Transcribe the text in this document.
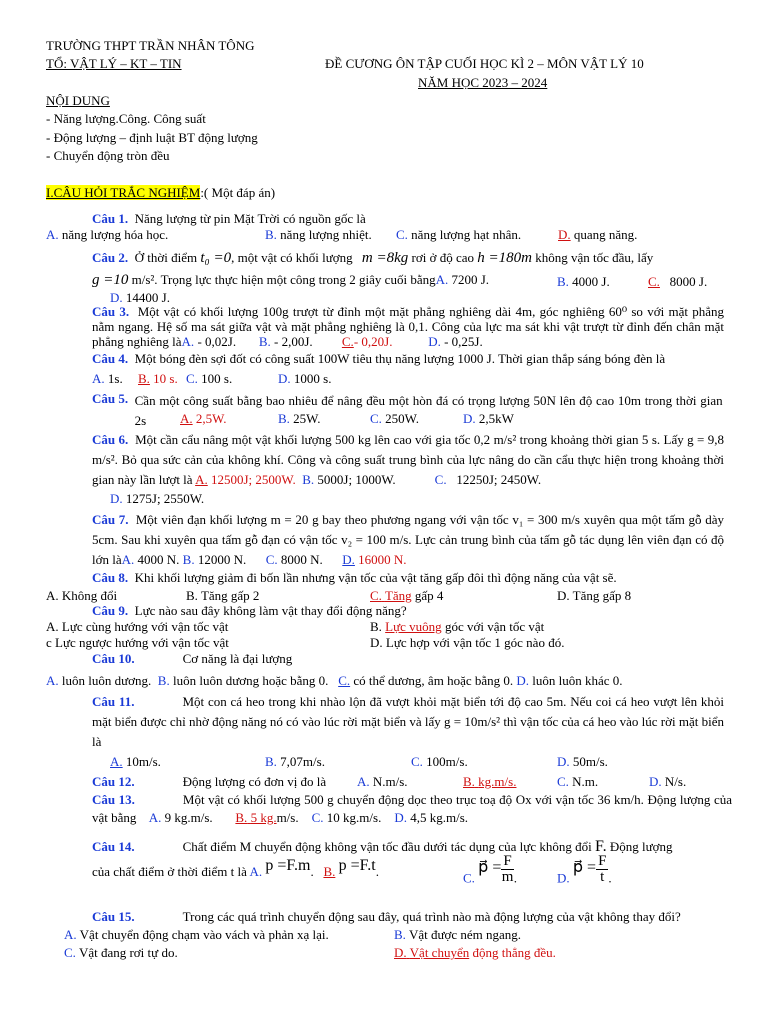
TRƯỜNG THPT TRẦN NHÂN TÔNG
TỔ: VẬT LÝ – KT – TIN	ĐỀ CƯƠNG ÔN TẬP CUỐI HỌC KÌ 2 – MÔN VẬT LÝ 10
NĂM HỌC 2023 – 2024
NỘI DUNG
- Năng lượng.Công. Công suất
- Động lượng – định luật BT động lượng
- Chuyển động tròn đều
I.CÂU HỎI TRẮC NGHIỆM:( Một đáp án)
Câu 1. Năng lượng từ pin Mặt Trời có nguồn gốc là
A. năng lượng hóa học.	B. năng lượng nhiệt. C. năng lượng hạt nhân.	D. quang năng.
Câu 2. Ở thời điểm t₀ =0, một vật có khối lượng m =8kg rơi ở độ cao h =180m không vận tốc đầu, lấy
g =10 m/s². Trọng lực thực hiện một công trong 2 giây cuối bằngA. 7200 J.	B. 4000 J.	C. 8000 J.
D. 14400 J.
Câu 3. Một vật có khối lượng 100g trượt từ đỉnh một mặt phẳng nghiêng dài 4m, góc nghiêng 60⁰ so với mặt phẳng nằm ngang. Hệ số ma sát giữa vật và mặt phẳng nghiêng là 0,1. Công của lực ma sát khi vật trượt từ đỉnh đến chân mặt phẳng nghiêng làA. - 0,02J. B. - 2,00J. C.- 0,20J.	D. - 0,25J.
Câu 4. Một bóng đèn sợi đốt có công suất 100W tiêu thụ năng lượng 1000 J. Thời gian thắp sáng bóng đèn là
A. 1s. B. 10 s. C. 100 s.	D. 1000 s.
Câu 5. Cần một công suất bằng bao nhiêu để nâng đều một hòn đá có trọng lượng 50N lên độ cao 10m trong thời gian 2s	A. 2,5W.	B. 25W.	C. 250W.	D. 2,5kW
Câu 6. Một cần cẩu nâng một vật khối lượng 500 kg lên cao với gia tốc 0,2 m/s² trong khoảng thời gian 5 s. Lấy g = 9,8 m/s². Bỏ qua sức cản của không khí. Công và công suất trung bình của lực nâng do cần cẩu thực hiện trong khoảng thời gian này lần lượt là A. 12500J; 2500W. B. 5000J; 1000W.	C. 12250J; 2450W.
D. 1275J; 2550W.
Câu 7. Một viên đạn khối lượng m = 20 g bay theo phương ngang với vận tốc v₁ = 300 m/s xuyên qua một tấm gỗ dày 5cm. Sau khi xuyên qua tấm gỗ đạn có vận tốc v₂ = 100 m/s. Lực cản trung bình của tấm gỗ tác dụng lên viên đạn có độ lớn làA. 4000 N. B. 12000 N. C. 8000 N. D. 16000 N.
Câu 8. Khi khối lượng giảm đi bốn lần nhưng vận tốc của vật tăng gấp đôi thì động năng của vật sẽ.
A. Không đổi	B. Tăng gấp 2	C. Tăng gấp 4	D. Tăng gấp 8
Câu 9. Lực nào sau đây không làm vật thay đổi động năng?
A. Lực cùng hướng với vận tốc vật	B. Lực vuông góc với vận tốc vật
c Lực ngược hướng với vận tốc vật	D. Lực hợp với vận tốc 1 góc nào đó.
Câu 10.	Cơ năng là đại lượng
A. luôn luôn dương. B. luôn luôn dương hoặc bằng 0. C. có thể dương, âm hoặc bằng 0. D. luôn luôn khác 0.
Câu 11.	Một con cá heo trong khi nhào lộn đã vượt khỏi mặt biển tới độ cao 5m. Nếu coi cá heo vượt lên khỏi mặt biển được chỉ nhờ động năng nó có vào lúc rời mặt biển và lấy g = 10m/s² thì vận tốc của cá heo vào lúc rời mặt biển là
A. 10m/s.	B. 7,07m/s.	C. 100m/s.	D. 50m/s.
Câu 12.	Động lượng có đơn vị đo là A. N.m/s.	B. kg.m/s.	C. N.m.	D. N/s.
Câu 13.	Một vật có khối lượng 500 g chuyển động dọc theo trục toạ độ Ox với vận tốc 36 km/h. Động lượng của vật bằng A. 9 kg.m/s. B. 5 kg.m/s. C. 10 kg.m/s. D. 4,5 kg.m/s.
Câu 14.	Chất điểm M chuyển động không vận tốc đầu dưới tác dụng của lực không đổi F. Động lượng
của chất điểm ở thời điểm t là A. p =F.m.   B. p =F.t.	C. p⃗ = $\frac{F}{m}$ .	D. p⃗ = $\frac{F}{t}$ .
Câu 15.	Trong các quá trình chuyển động sau đây, quá trình nào mà động lượng của vật không thay đổi?
A. Vật chuyển động chạm vào vách và phản xạ lại.	B. Vật được ném ngang.
C. Vật đang rơi tự do.	D. Vật chuyển động thẳng đều.
